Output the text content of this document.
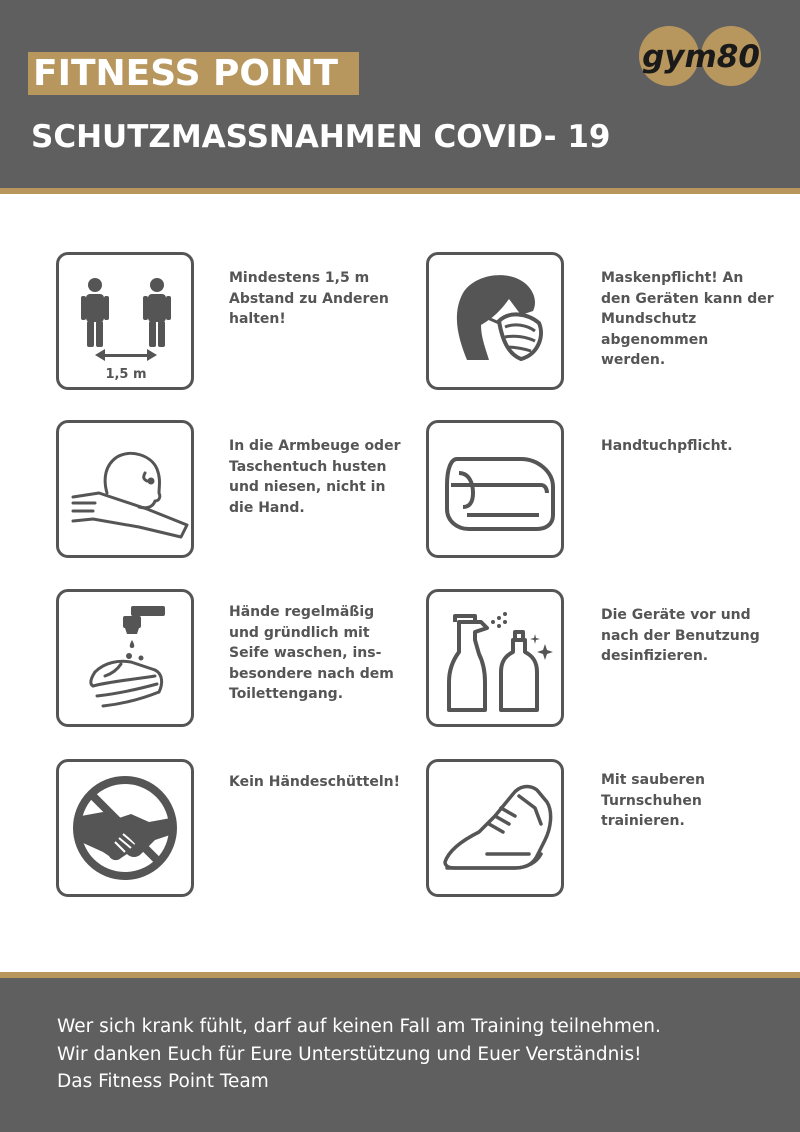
FITNESS POINT
SCHUTZMASSNAHMEN COVID- 19
gym80
1,5 m
Mindestens 1,5 m Abstand zu Anderen halten!
Maskenpflicht! An den Geräten kann der Mundschutz abgenommen werden.
In die Armbeuge oder Taschentuch husten und niesen, nicht in die Hand.
Handtuchpflicht.
Hände regelmäßig und gründlich mit Seife waschen, ins-besondere nach dem Toilettengang.
Die Geräte vor und nach der Benutzung desinfizieren.
Kein Händeschütteln!	Mit sauberen Turnschuhen trainieren.
Wer sich krank fühlt, darf auf keinen Fall am Training teilnehmen.
Wir danken Euch für Eure Unterstützung und Euer Verständnis!
Das Fitness Point Team
